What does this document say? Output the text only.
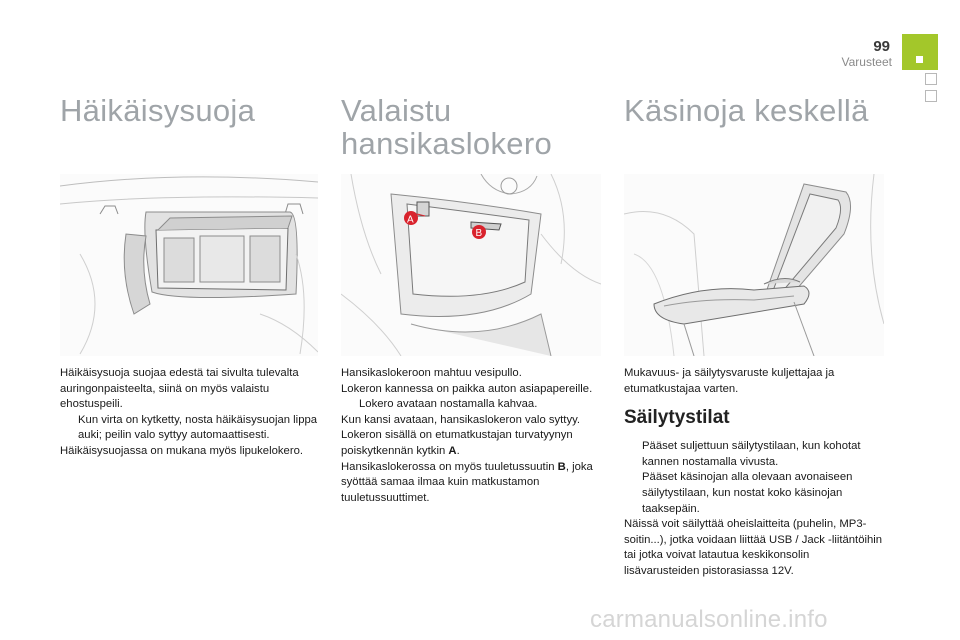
99
Varusteet
Häikäisysuoja

Häikäisysuoja suojaa edestä tai sivulta tulevalta auringonpaisteelta, siinä on myös valaistu ehostuspeili.

Kun virta on kytketty, nosta häikäisysuojan lippa auki; peilin valo syttyy automaattisesti.

Häikäisysuojassa on mukana myös lipukelokero.

Valaistu
hansikaslokero
A
B

Hansikaslokeroon mahtuu vesipullo.

Lokeron kannessa on paikka auton asiapapereille.

Lokero avataan nostamalla kahvaa.

Kun kansi avataan, hansikaslokeron valo syttyy.

Lokeron sisällä on etumatkustajan turvatyynyn poiskytkennän kytkin A.

Hansikaslokerossa on myös tuuletussuutin B, joka syöttää samaa ilmaa kuin matkustamon tuuletussuuttimet.

Käsinoja keskellä

Mukavuus- ja säilytysvaruste kuljettajaa ja etumatkustajaa varten.

Säilytystilat
Pääset suljettuun säilytystilaan, kun kohotat kannen nostamalla vivusta.
Pääset käsinojan alla olevaan avonaiseen säilytystilaan, kun nostat koko käsinojan taaksepäin.

Näissä voit säilyttää oheislaitteita (puhelin, MP3-soitin...), jotka voidaan liittää USB / Jack -liitäntöihin tai jotka voivat latautua keskikonsolin lisävarusteiden pistorasiassa 12V.

carmanualsonline.info
